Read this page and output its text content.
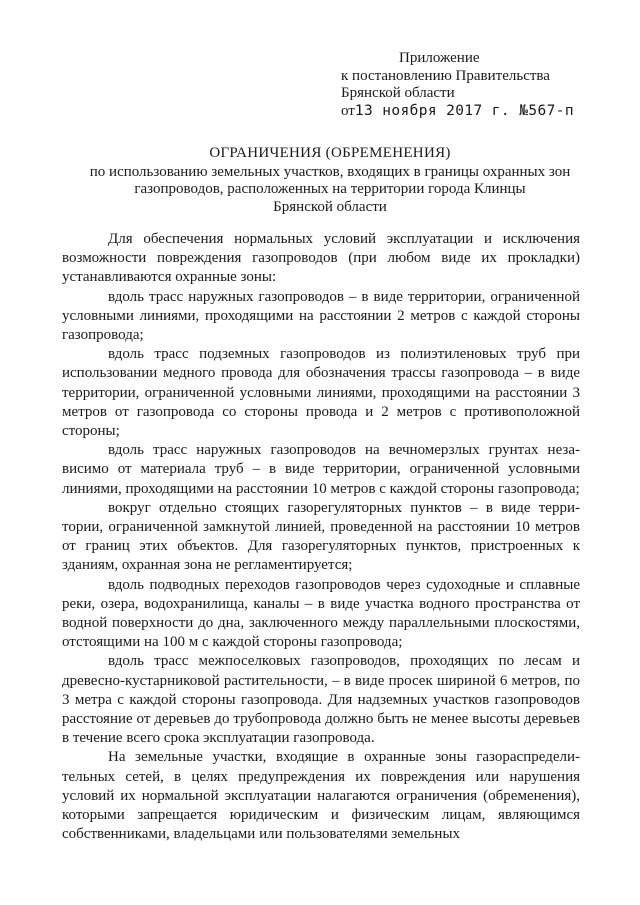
Приложение
к постановлению Правительства
Брянской области
от13 ноября 2017 г. №567-п
ОГРАНИЧЕНИЯ (ОБРЕМЕНЕНИЯ)
по использованию земельных участков, входящих в границы охранных зон
газопроводов, расположенных на территории города Клинцы
Брянской области

Для обеспечения нормальных условий эксплуатации и исключения возможности повреждения газопроводов (при любом виде их прокладки) устанавливаются охранные зоны:

вдоль трасс наружных газопроводов – в виде территории, ограниченной условными линиями, проходящими на расстоянии 2 метров с каждой стороны газопровода;

вдоль трасс подземных газопроводов из полиэтиленовых труб при использовании медного провода для обозначения трассы газопровода – в виде территории, ограниченной условными линиями, проходящими на расстоянии 3 метров от газопровода со стороны провода и 2 метров с противоположной стороны;

вдоль трасс наружных газопроводов на вечномерзлых грунтах независимо от материала труб – в виде территории, ограниченной условными линиями, проходящими на расстоянии 10 метров с каждой стороны газопровода;

вокруг отдельно стоящих газорегуляторных пунктов – в виде территории, ограниченной замкнутой линией, проведенной на расстоянии 10 метров от границ этих объектов. Для газорегуляторных пунктов, пристроенных к зданиям, охранная зона не регламентируется;

вдоль подводных переходов газопроводов через судоходные и сплавные реки, озера, водохранилища, каналы – в виде участка водного пространства от водной поверхности до дна, заключенного между параллельными плоскостями, отстоящими на 100 м с каждой стороны газопровода;

вдоль трасс межпоселковых газопроводов, проходящих по лесам и древесно-кустарниковой растительности, – в виде просек шириной 6 метров, по 3 метра с каждой стороны газопровода. Для надземных участков газопроводов расстояние от деревьев до трубопровода должно быть не менее высоты деревьев в течение всего срока эксплуатации газопровода.

На земельные участки, входящие в охранные зоны газораспределительных сетей, в целях предупреждения их повреждения или нарушения условий их нормальной эксплуатации налагаются ограничения (обременения), которыми запрещается юридическим и физическим лицам, являющимся собственниками, владельцами или пользователями земельных
